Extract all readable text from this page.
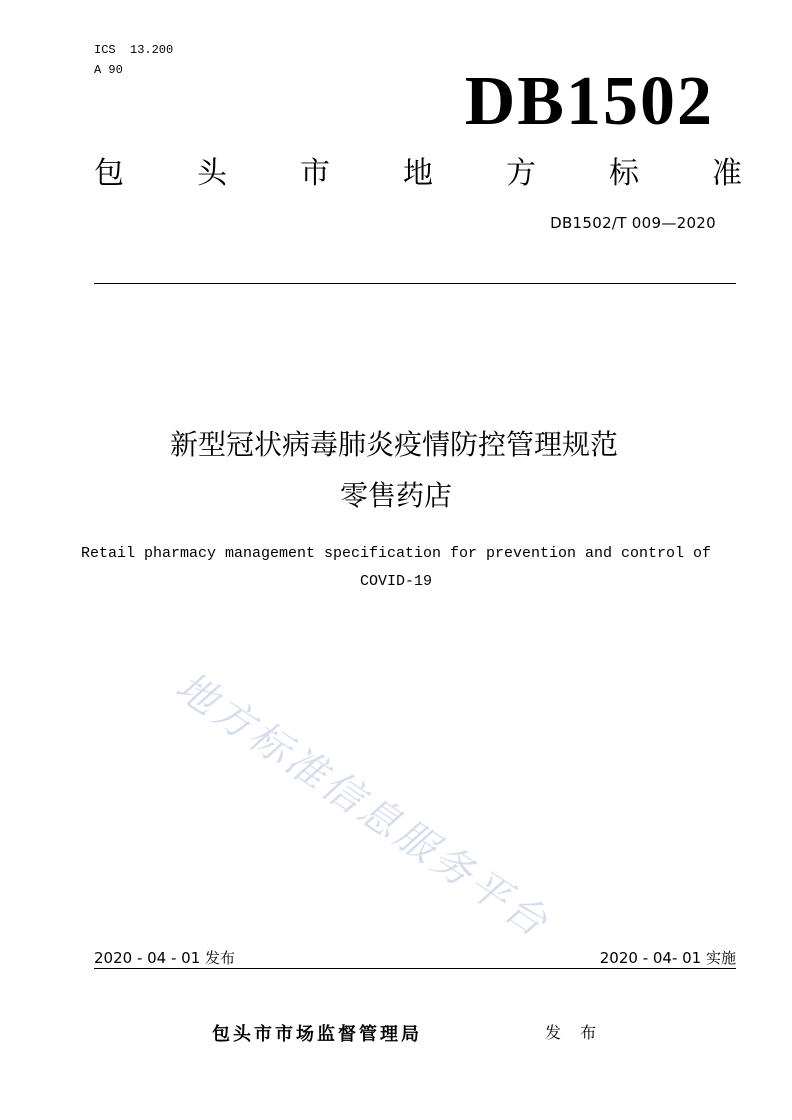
ICS  13.200
A 90	DB1502
包 头 市 地 方 标 准
DB1502/T 009—2020
新型冠状病毒肺炎疫情防控管理规范
零售药店
Retail pharmacy management specification for prevention and control of
COVID-19
地方标准信息服务平台
2020 - 04 - 01 发布	2020 - 04- 01 实施
包头市市场监督管理局	发 布
